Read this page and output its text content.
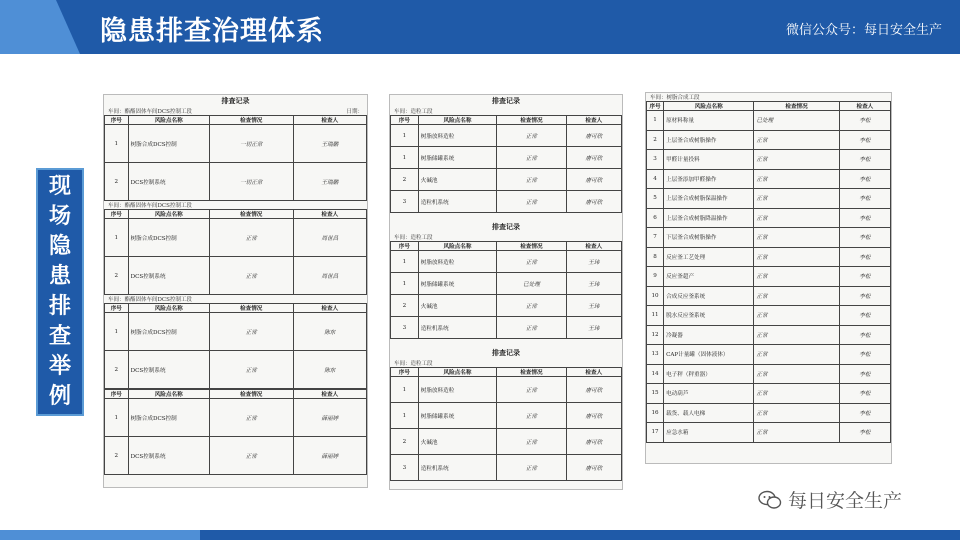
隐患排查治理体系	微信公众号：每日安全生产
现
场
隐
患
排
查
举
例
排查记录
车间：酯酯固体车间DCS控制工段	日期：
序号	风险点名称	检查情况	检查人
1	树脂合成DCS控制	一切正常	王瑞鹏
2	DCS控制系统	一切正常	王瑞鹏
车间：酯酯固体车间DCS控制工段
序号	风险点名称	检查情况	检查人
1	树脂合成DCS控制	正常	周世昌
2	DCS控制系统	正常	周世昌
车间：酯酯固体车间DCS控制工段
序号	风险点名称	检查情况	检查人
1	树脂合成DCS控制	正常	陈东
2	DCS控制系统	正常	陈东
序号	风险点名称	检查情况	检查人
1	树脂合成DCS控制	正常	薛丽婷
2	DCS控制系统	正常	薛丽婷
排查记录
车间：造粒工段
序号	风险点名称	检查情况	检查人
1	树脂放料造粒	正常	唐可欣
1	树脂储罐系统	正常	唐可欣
2	火碱池	正常	唐可欣
3	造粒机系统	正常	唐可欣
排查记录
车间：造粒工段
序号	风险点名称	检查情况	检查人
1	树脂放料造粒	正常	王玮
1	树脂储罐系统	已处理	王玮
2	火碱池	正常	王玮
3	造粒机系统	正常	王玮
排查记录
车间：造粒工段
序号	风险点名称	检查情况	检查人
1	树脂放料造粒	正常	唐可欣
1	树脂储罐系统	正常	唐可欣
2	火碱池	正常	唐可欣
3	造粒机系统	正常	唐可欣
车间：树脂合成工段
序号	风险点名称	检查情况	检查人
1	原材料称量	已处理	李松
2	上层釜合成树脂操作	正常	李松
3	甲醛计量投料	正常	李松
4	上层釜添加甲醛操作	正常	李松
5	上层釜合成树脂保温操作	正常	李松
6	上层釜合成树脂降温操作	正常	李松
7	下层釜合成树脂操作	正常	李松
8	反应釜工艺处理	正常	李松
9	反应釜超产	正常	李松
10	合成反应釜系统	正常	李松
11	脱水反应釜系统	正常	李松
12	冷凝器	正常	李松
13	CAP计量罐（固体液体）	正常	李松
14	电子秤（秤重器）	正常	李松
15	电动葫芦	正常	李松
16	载货、载人电梯	正常	李松
17	应急水箱	正常	李松
每日安全生产
